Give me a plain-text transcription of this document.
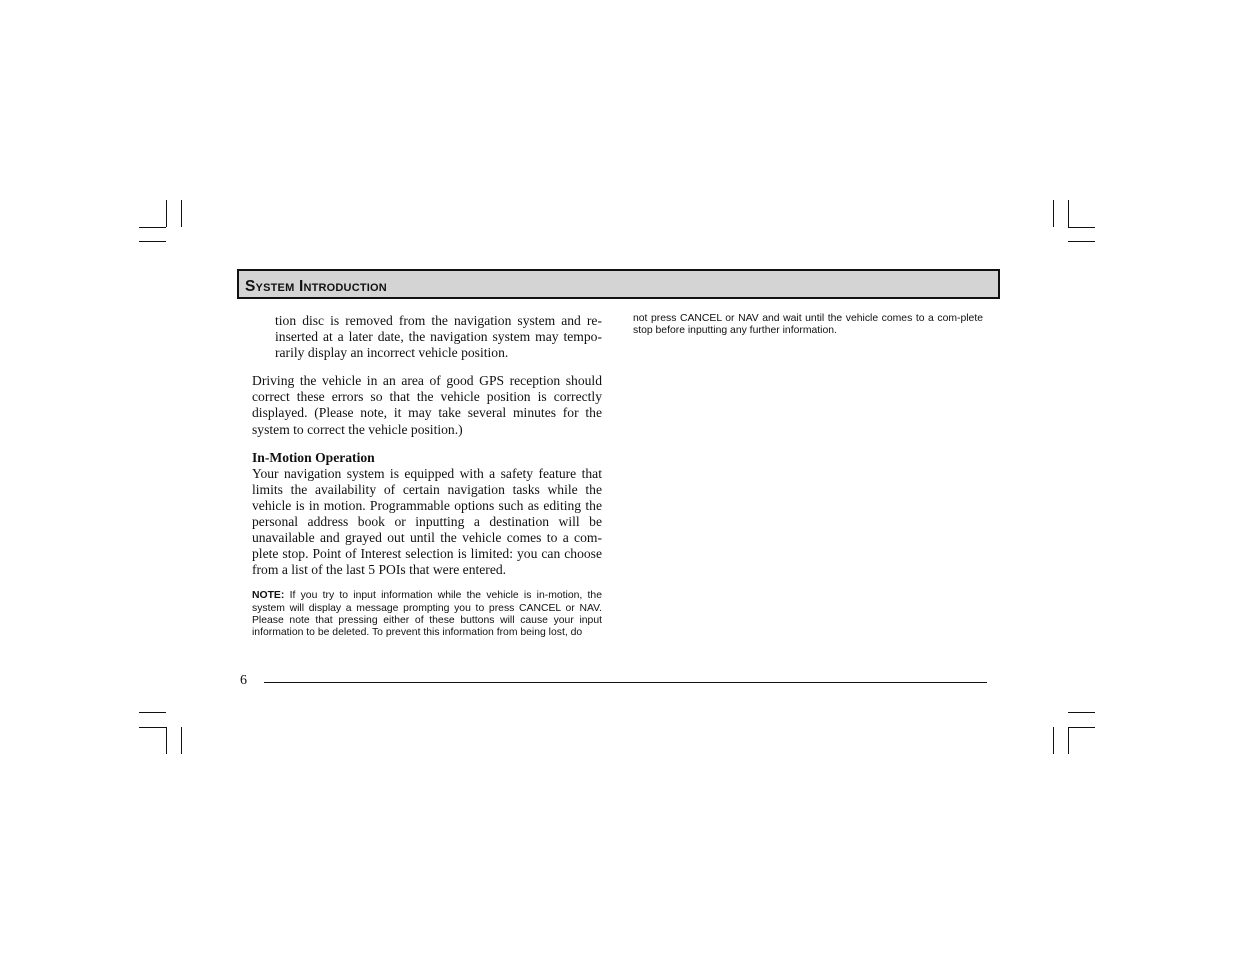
System Introduction

tion disc is removed from the navigation system and re-inserted at a later date, the navigation system may tempo-rarily display an incorrect vehicle position.

Driving the vehicle in an area of good GPS reception should correct these errors so that the vehicle position is correctly displayed. (Please note, it may take several minutes for the system to correct the vehicle position.)

In-Motion Operation

Your navigation system is equipped with a safety feature that limits the availability of certain navigation tasks while the vehicle is in motion. Programmable options such as editing the personal address book or inputting a destination will be unavailable and grayed out until the vehicle comes to a com-plete stop. Point of Interest selection is limited: you can choose from a list of the last 5 POIs that were entered.

NOTE: If you try to input information while the vehicle is in-motion, the system will display a message prompting you to press CANCEL or NAV. Please note that pressing either of these buttons will cause your input information to be deleted. To prevent this information from being lost, do

not press CANCEL or NAV and wait until the vehicle comes to a com-plete stop before inputting any further information.

6
